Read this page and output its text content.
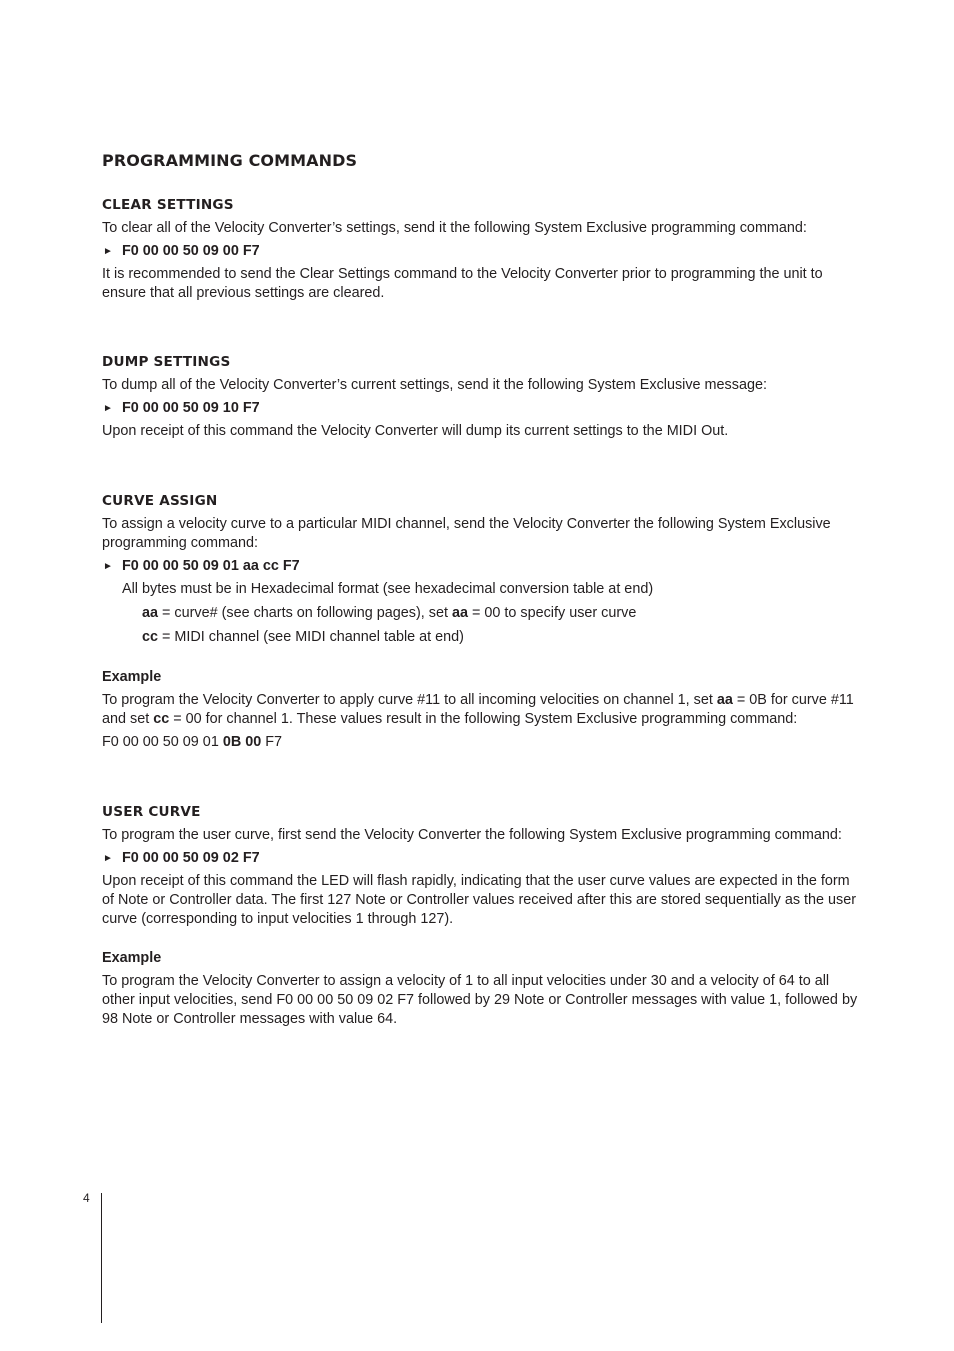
PROGRAMMING COMMANDS
CLEAR SETTINGS

To clear all of the Velocity Converter’s settings, send it the following System Exclusive programming command:

► F0 00 00 50 09 00 F7

It is recommended to send the Clear Settings command to the Velocity Converter prior to programming the unit to ensure that all previous settings are cleared.

DUMP SETTINGS

To dump all of the Velocity Converter’s current settings, send it the following System Exclusive message:

► F0 00 00 50 09 10 F7

Upon receipt of this command the Velocity Converter will dump its current settings to the MIDI Out.

CURVE ASSIGN

To assign a velocity curve to a particular MIDI channel, send the Velocity Converter the following System Exclusive programming command:

► F0 00 00 50 09 01 aa cc F7

All bytes must be in Hexadecimal format (see hexadecimal conversion table at end)

aa = curve# (see charts on following pages), set aa = 00 to specify user curve

cc = MIDI channel (see MIDI channel table at end)

Example

To program the Velocity Converter to apply curve #11 to all incoming velocities on channel 1, set aa = 0B for curve #11 and set cc = 00 for channel 1. These values result in the following System Exclusive programming command:

F0 00 00 50 09 01 0B 00 F7

USER CURVE

To program the user curve, first send the Velocity Converter the following System Exclusive programming command:

► F0 00 00 50 09 02 F7

Upon receipt of this command the LED will flash rapidly, indicating that the user curve values are expected in the form of Note or Controller data. The first 127 Note or Controller values received after this are stored sequentially as the user curve (corresponding to input velocities 1 through 127).

Example

To program the Velocity Converter to assign a velocity of 1 to all input velocities under 30 and a velocity of 64 to all other input velocities, send F0 00 00 50 09 02 F7 followed by 29 Note or Controller messages with value 1, followed by 98 Note or Controller messages with value 64.

4
